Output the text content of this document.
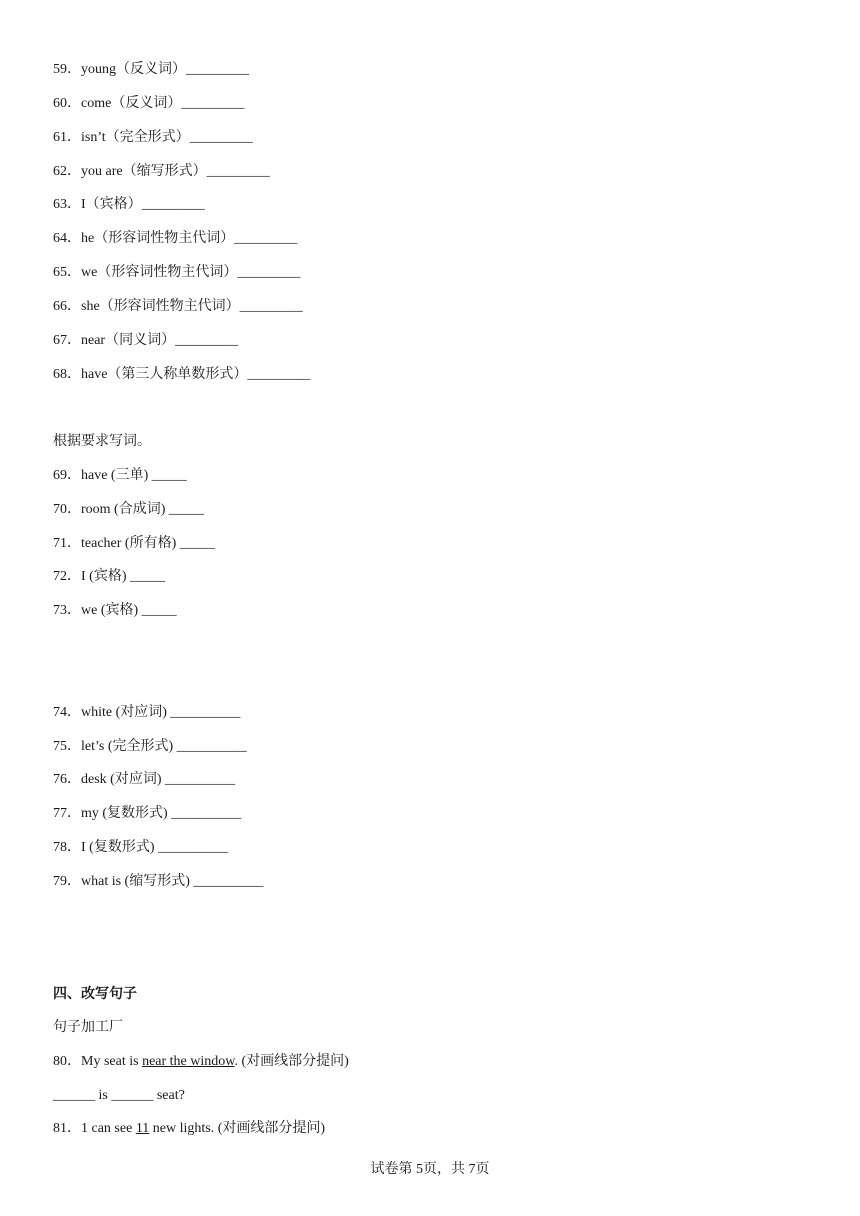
59．young（反义词）_________
60．come（反义词）_________
61．isn’t（完全形式）_________
62．you are（缩写形式）_________
63．I（宾格）_________
64．he（形容词性物主代词）_________
65．we（形容词性物主代词）_________
66．she（形容词性物主代词）_________
67．near（同义词）_________
68．have（第三人称单数形式）_________
根据要求写词。
69．have (三单) _____
70．room (合成词) _____
71．teacher (所有格) _____
72．I (宾格) _____
73．we (宾格) _____
74．white (对应词) __________
75．let’s (完全形式) __________
76．desk (对应词) __________
77．my (复数形式) __________
78．I (复数形式) __________
79．what is (缩写形式) __________
四、改写句子
句子加工厂
80．My seat is near the window. (对画线部分提问)
______ is ______ seat?
81．1 can see 11 new lights. (对画线部分提问)
试卷第 5页，共 7页
